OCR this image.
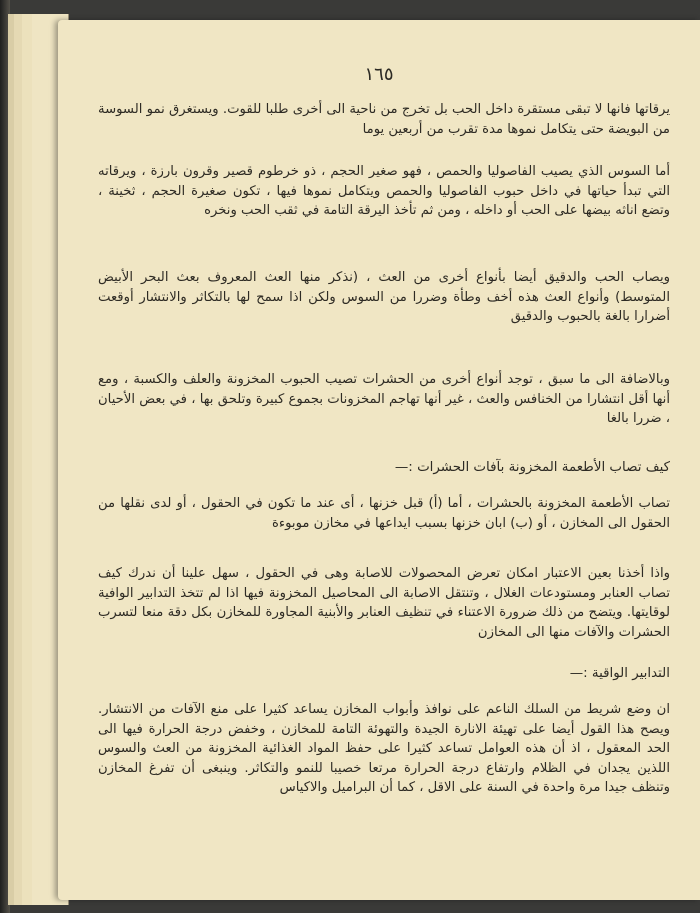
١٦٥
يرقاتها فانها لا تبقى مستقرة داخل الحب بل تخرج من ناحية الى أخرى طلبا للقوت. ويستغرق نمو السوسة من البويضة حتى يتكامل نموها مدة تقرب من أربعين يوما
أما السوس الذي يصيب الفاصوليا والحمص ، فهو صغير الحجم ، ذو خرطوم قصير وقرون بارزة ، ويرقاته التي تبدأ حياتها في داخل حبوب الفاصوليا والحمص ويتكامل نموها فيها ، تكون صغيرة الحجم ، ثخينة ، وتضع اناثه بيضها على الحب أو داخله ، ومن ثم تأخذ اليرقة التامة في ثقب الحب ونخره
ويصاب الحب والدقيق أيضا بأنواع أخرى من العث ، (نذكر منها العث المعروف بعث البحر الأبيض المتوسط) وأنواع العث هذه أخف وطأة وضررا من السوس ولكن اذا سمح لها بالتكاثر والانتشار أوقعت أضرارا بالغة بالحبوب والدقيق
وبالاضافة الى ما سبق ، توجد أنواع أخرى من الحشرات تصيب الحبوب المخزونة والعلف والكسبة ، ومع أنها أقل انتشارا من الخنافس والعث ، غير أنها تهاجم المخزونات بجموع كبيرة وتلحق بها ، في بعض الأحيان ، ضررا بالغا
كيف تصاب الأطعمة المخزونة بآفات الحشرات :—
تصاب الأطعمة المخزونة بالحشرات ، أما (أ) قبل خزنها ، أى عند ما تكون في الحقول ، أو لدى نقلها من الحقول الى المخازن ، أو (ب) ابان خزنها بسبب ايداعها في مخازن موبوءة
واذا أخذنا بعين الاعتبار امكان تعرض المحصولات للاصابة وهى في الحقول ، سهل علينا أن ندرك كيف تصاب العنابر ومستودعات الغلال ، وتنتقل الاصابة الى المحاصيل المخزونة فيها اذا لم تتخذ التدابير الوافية لوقايتها. ويتضح من ذلك ضرورة الاعتناء في تنظيف العنابر والأبنية المجاورة للمخازن بكل دقة منعا لتسرب الحشرات والآفات منها الى المخازن
التدابير الواقية :—
ان وضع شريط من السلك الناعم على نوافذ وأبواب المخازن يساعد كثيرا على منع الآفات من الانتشار. ويصح هذا القول أيضا على تهيئة الانارة الجيدة والتهوئة التامة للمخازن ، وخفض درجة الحرارة فيها الى الحد المعقول ، اذ أن هذه العوامل تساعد كثيرا على حفظ المواد الغذائية المخزونة من العث والسوس اللذين يجدان في الظلام وارتفاع درجة الحرارة مرتعا خصيبا للنمو والتكاثر. وينبغى أن تفرغ المخازن وتنظف جيدا مرة واحدة في السنة على الاقل ، كما أن البراميل والاكياس
